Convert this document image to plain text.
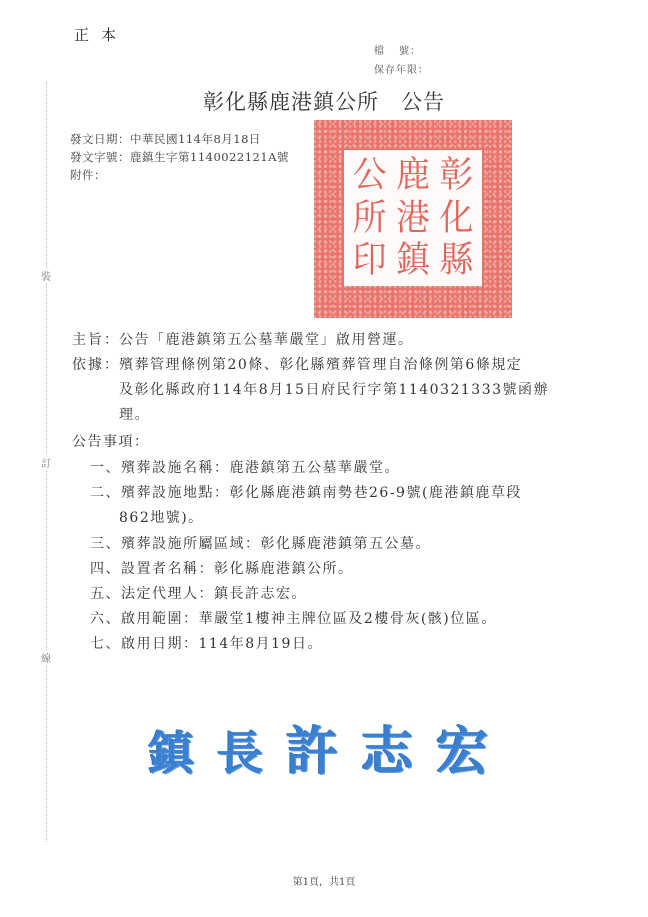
正本
檔 號：
保存年限：
彰化縣鹿港鎮公所 公告
發文日期：中華民國114年8月18日
發文字號：鹿鎮生字第1140022121A號
附件：
裝
訂
線
彰
化
縣
鹿
港
鎮
公
所
印
主旨：公告「鹿港鎮第五公墓華嚴堂」啟用營運。
依據：殯葬管理條例第20條、彰化縣殯葬管理自治條例第6條規定
及彰化縣政府114年8月15日府民行字第1140321333號函辦
理。
公告事項：
一、殯葬設施名稱：鹿港鎮第五公墓華嚴堂。
二、殯葬設施地點：彰化縣鹿港鎮南勢巷26-9號(鹿港鎮鹿草段
862地號)。
三、殯葬設施所屬區域：彰化縣鹿港鎮第五公墓。
四、設置者名稱：彰化縣鹿港鎮公所。
五、法定代理人：鎮長許志宏。
六、啟用範圍：華嚴堂1樓神主牌位區及2樓骨灰(骸)位區。
七、啟用日期：114年8月19日。
鎮 長 許 志 宏
第1頁，共1頁
